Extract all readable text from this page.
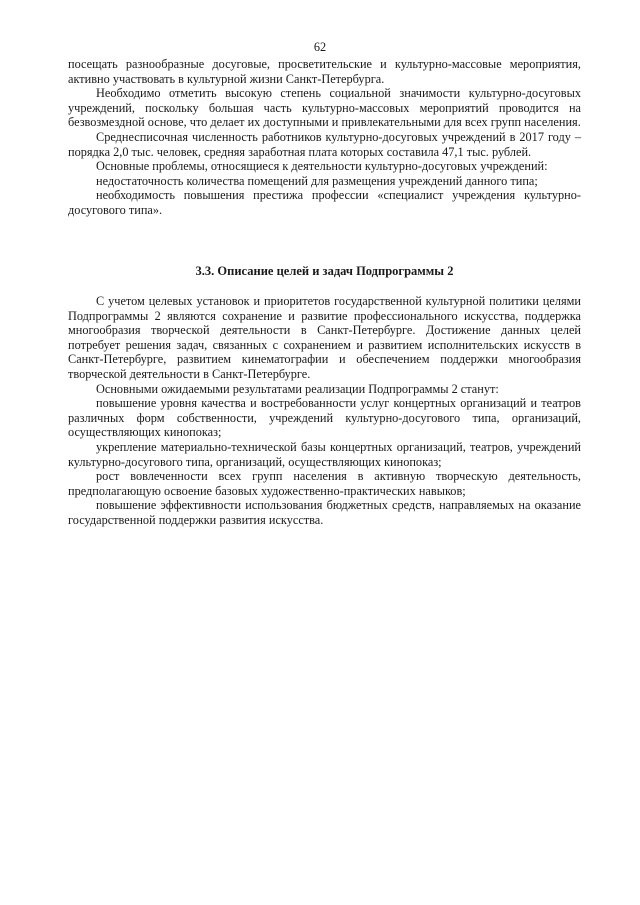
62

посещать разнообразные досуговые, просветительские и культурно-массовые мероприятия, активно участвовать в культурной жизни Санкт-Петербурга.

Необходимо отметить высокую степень социальной значимости культурно-досуговых учреждений, поскольку большая часть культурно-массовых мероприятий проводится на безвозмездной основе, что делает их доступными и привлекательными для всех групп населения.

Среднесписочная численность работников культурно-досуговых учреждений в 2017 году – порядка 2,0 тыс. человек, средняя заработная плата которых составила 47,1 тыс. рублей.

Основные проблемы, относящиеся к деятельности культурно-досуговых учреждений:

недостаточность количества помещений для размещения учреждений данного типа;

необходимость повышения престижа профессии «специалист учреждения культурно-досугового типа».

3.3. Описание целей и задач Подпрограммы 2

С учетом целевых установок и приоритетов государственной культурной политики целями Подпрограммы 2 являются сохранение и развитие профессионального искусства, поддержка многообразия творческой деятельности в Санкт-Петербурге. Достижение данных целей потребует решения задач, связанных с сохранением и развитием исполнительских искусств в Санкт-Петербурге, развитием кинематографии и обеспечением поддержки многообразия творческой деятельности в Санкт-Петербурге.

Основными ожидаемыми результатами реализации Подпрограммы 2 станут:

повышение уровня качества и востребованности услуг концертных организаций и театров различных форм собственности, учреждений культурно-досугового типа, организаций, осуществляющих кинопоказ;

укрепление материально-технической базы концертных организаций, театров, учреждений культурно-досугового типа, организаций, осуществляющих кинопоказ;

рост вовлеченности всех групп населения в активную творческую деятельность, предполагающую освоение базовых художественно-практических навыков;

повышение эффективности использования бюджетных средств, направляемых на оказание государственной поддержки развития искусства.
